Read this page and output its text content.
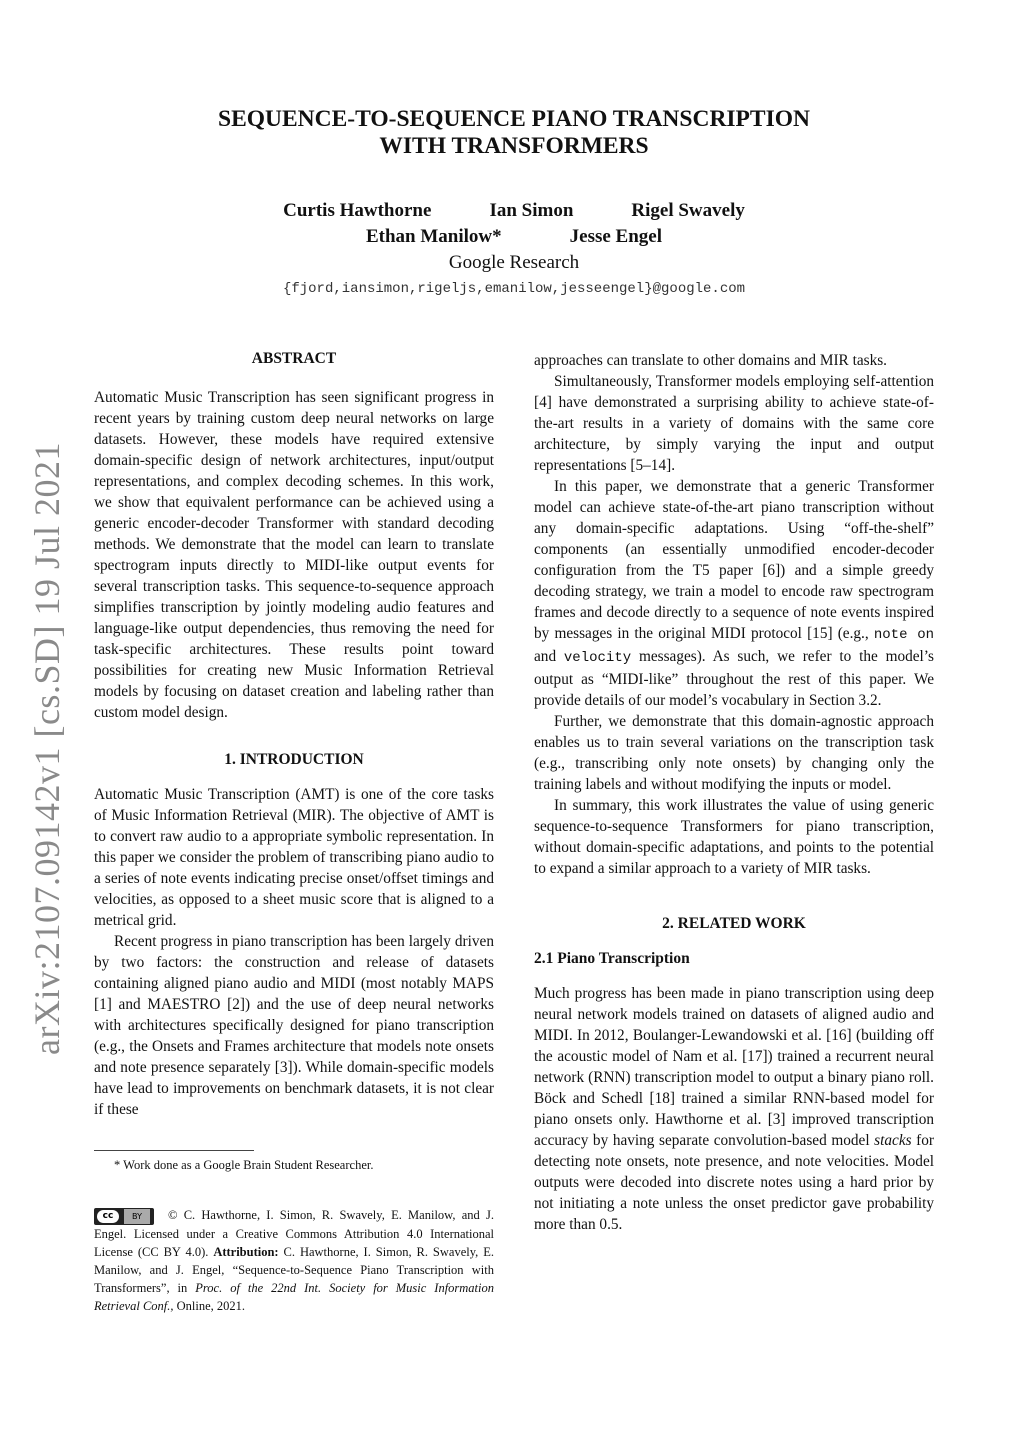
arXiv:2107.09142v1 [cs.SD] 19 Jul 2021
SEQUENCE-TO-SEQUENCE PIANO TRANSCRIPTION
WITH TRANSFORMERS
Curtis Hawthorne	Ian Simon	Rigel Swavely
Ethan Manilow*	Jesse Engel
Google Research
{fjord,iansimon,rigeljs,emanilow,jesseengel}@google.com
ABSTRACT

Automatic Music Transcription has seen significant progress in recent years by training custom deep neural networks on large datasets. However, these models have required extensive domain-specific design of network architectures, input/output representations, and complex decoding schemes. In this work, we show that equivalent performance can be achieved using a generic encoder-decoder Transformer with standard decoding methods. We demonstrate that the model can learn to translate spectrogram inputs directly to MIDI-like output events for several transcription tasks. This sequence-to-sequence approach simplifies transcription by jointly modeling audio features and language-like output dependencies, thus removing the need for task-specific architectures. These results point toward possibilities for creating new Music Information Retrieval models by focusing on dataset creation and labeling rather than custom model design.

1. INTRODUCTION

Automatic Music Transcription (AMT) is one of the core tasks of Music Information Retrieval (MIR). The objective of AMT is to convert raw audio to a appropriate symbolic representation. In this paper we consider the problem of transcribing piano audio to a series of note events indicating precise onset/offset timings and velocities, as opposed to a sheet music score that is aligned to a metrical grid.

Recent progress in piano transcription has been largely driven by two factors: the construction and release of datasets containing aligned piano audio and MIDI (most notably MAPS [1] and MAESTRO [2]) and the use of deep neural networks with architectures specifically designed for piano transcription (e.g., the Onsets and Frames architecture that models note onsets and note presence separately [3]). While domain-specific models have lead to improvements on benchmark datasets, it is not clear if these

* Work done as a Google Brain Student Researcher.
cc	BY	© C. Hawthorne, I. Simon, R. Swavely, E. Manilow, and J. Engel. Licensed under a Creative Commons Attribution 4.0 International License (CC BY 4.0). Attribution: C. Hawthorne, I. Simon, R. Swavely, E. Manilow, and J. Engel, “Sequence-to-Sequence Piano Transcription with Transformers”, in Proc. of the 22nd Int. Society for Music Information Retrieval Conf., Online, 2021.

approaches can translate to other domains and MIR tasks.

Simultaneously, Transformer models employing self-attention [4] have demonstrated a surprising ability to achieve state-of-the-art results in a variety of domains with the same core architecture, by simply varying the input and output representations [5–14].

In this paper, we demonstrate that a generic Transformer model can achieve state-of-the-art piano transcription without any domain-specific adaptations. Using “off-the-shelf” components (an essentially unmodified encoder-decoder configuration from the T5 paper [6]) and a simple greedy decoding strategy, we train a model to encode raw spectrogram frames and decode directly to a sequence of note events inspired by messages in the original MIDI protocol [15] (e.g., note on and velocity messages). As such, we refer to the model’s output as “MIDI-like” throughout the rest of this paper. We provide details of our model’s vocabulary in Section 3.2.

Further, we demonstrate that this domain-agnostic approach enables us to train several variations on the transcription task (e.g., transcribing only note onsets) by changing only the training labels and without modifying the inputs or model.

In summary, this work illustrates the value of using generic sequence-to-sequence Transformers for piano transcription, without domain-specific adaptations, and points to the potential to expand a similar approach to a variety of MIR tasks.

2. RELATED WORK
2.1 Piano Transcription

Much progress has been made in piano transcription using deep neural network models trained on datasets of aligned audio and MIDI. In 2012, Boulanger-Lewandowski et al. [16] (building off the acoustic model of Nam et al. [17]) trained a recurrent neural network (RNN) transcription model to output a binary piano roll. Böck and Schedl [18] trained a similar RNN-based model for piano onsets only. Hawthorne et al. [3] improved transcription accuracy by having separate convolution-based model stacks for detecting note onsets, note presence, and note velocities. Model outputs were decoded into discrete notes using a hard prior by not initiating a note unless the onset predictor gave probability more than 0.5.
